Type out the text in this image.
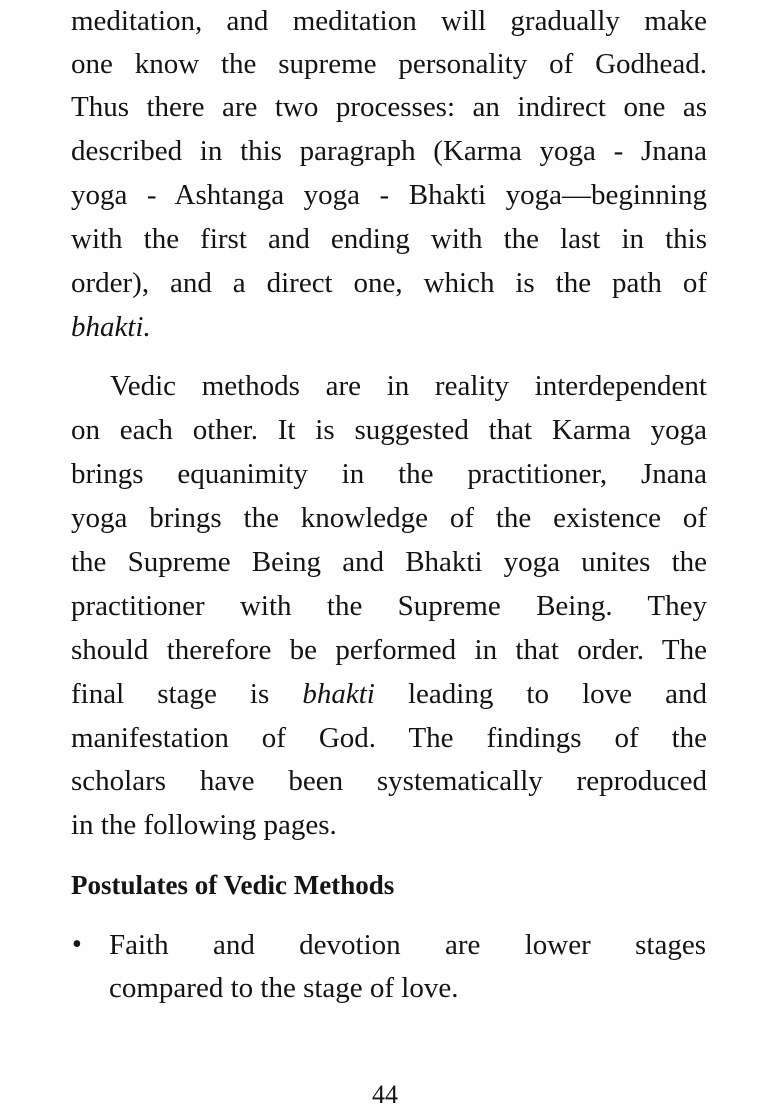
meditation, and meditation will gradually make
one know the supreme personality of Godhead.
Thus there are two processes: an indirect one as
described in this paragraph (Karma yoga - Jnana
yoga - Ashtanga yoga - Bhakti yoga—beginning
with the first and ending with the last in this
order), and a direct one, which is the path of
bhakti.
Vedic methods are in reality interdependent
on each other. It is suggested that Karma yoga
brings equanimity in the practitioner, Jnana
yoga brings the knowledge of the existence of
the Supreme Being and Bhakti yoga unites the
practitioner with the Supreme Being. They
should therefore be performed in that order. The
final stage is bhakti leading to love and
manifestation of God. The findings of the
scholars have been systematically reproduced
in the following pages.
Postulates of Vedic Methods
• Faith and devotion are lower stages
compared to the stage of love.
44
